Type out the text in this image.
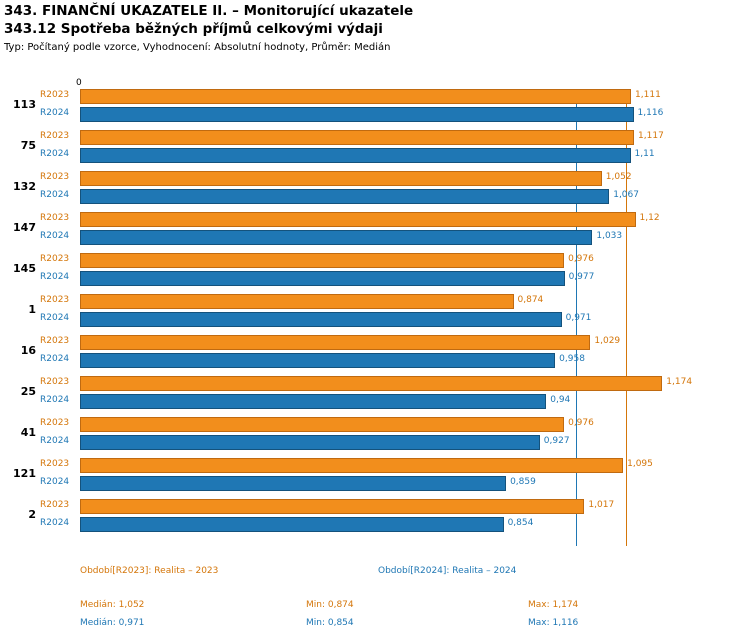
343. FINANČNÍ UKAZATELE II. – Monitorující ukazatele
343.12 Spotřeba běžných příjmů celkovými výdaji
Typ: Počítaný podle vzorce, Vyhodnocení: Absolutní hodnoty, Průměr: Medián
0
113
R2023	1,111
R2024	1,116
75
R2023	1,117
R2024	1,11
132
R2023	1,052
R2024	1,067
147
R2023	1,12
R2024	1,033
145
R2023	0,976
R2024	0,977
1
R2023	0,874
R2024	0,971
16
R2023	1,029
R2024	0,958
25
R2023	1,174
R2024	0,94
41
R2023	0,976
R2024	0,927
121
R2023	1,095
R2024	0,859
2
R2023	1,017
R2024	0,854
Období[R2023]: Realita – 2023	Období[R2024]: Realita – 2024
Medián: 1,052	Min: 0,874	Max: 1,174
Medián: 0,971	Min: 0,854	Max: 1,116
